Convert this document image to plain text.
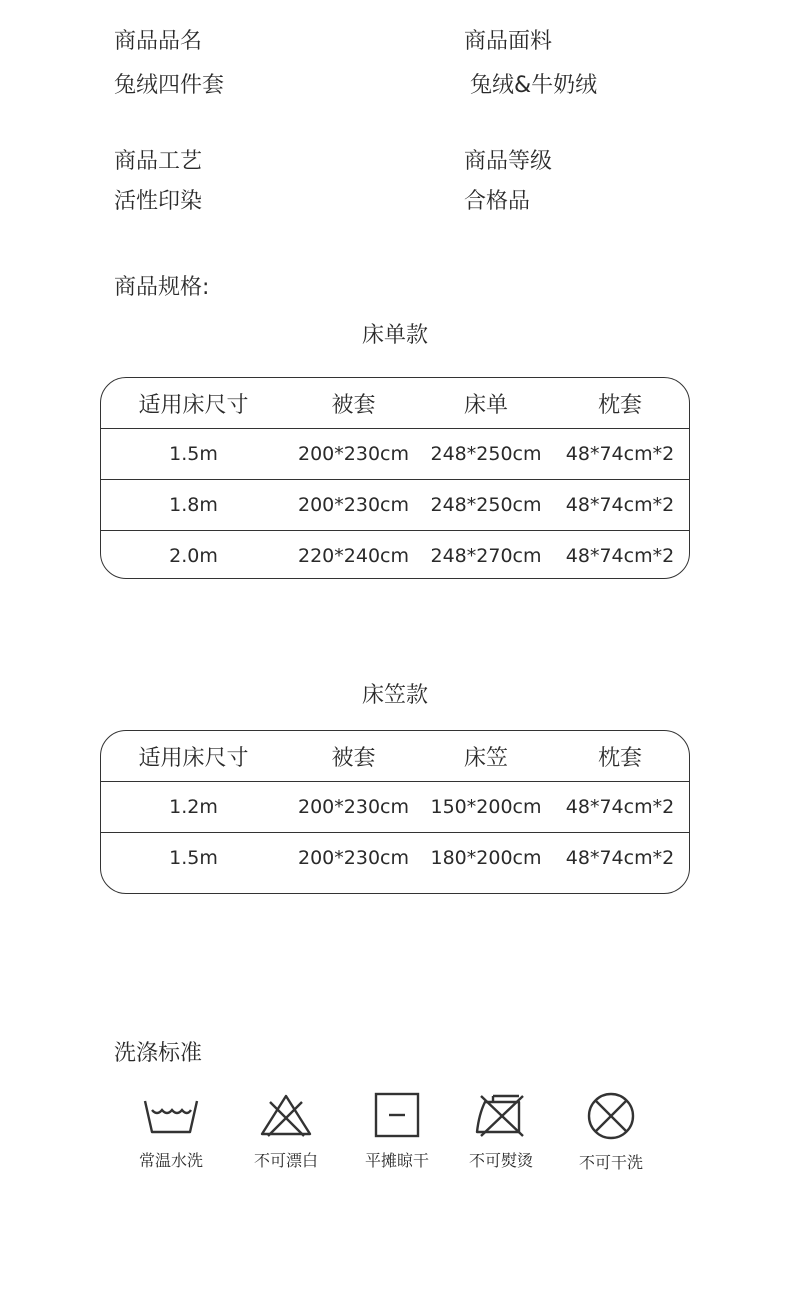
商品品名
兔绒四件套
商品面料
兔绒&牛奶绒
商品工艺
活性印染
商品等级
合格品
商品规格:
床单款
适用床尺寸	被套	床单	枕套
1.5m	200*230cm	248*250cm	48*74cm*2
1.8m	200*230cm	248*250cm	48*74cm*2
2.0m	220*240cm	248*270cm	48*74cm*2
床笠款
适用床尺寸	被套	床笠	枕套
1.2m	200*230cm	150*200cm	48*74cm*2
1.5m	200*230cm	180*200cm	48*74cm*2
洗涤标准
常温水洗	不可漂白	平摊晾干	不可熨烫	不可干洗
